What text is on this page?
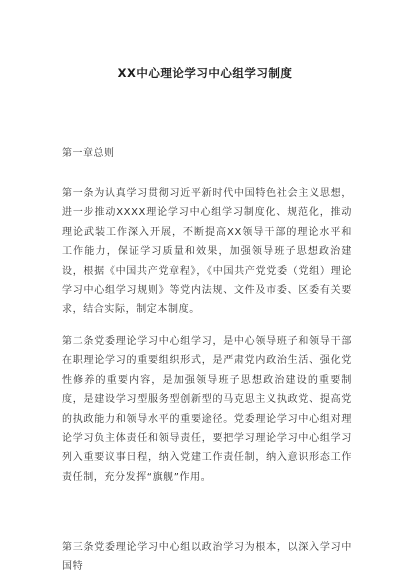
XX中心理论学习中心组学习制度
第一章总则

第一条为认真学习贯彻习近平新时代中国特色社会主义思想，进一步推动XXXX理论学习中心组学习制度化、规范化，推动理论武装工作深入开展，不断提高XX领导干部的理论水平和工作能力，保证学习质量和效果，加强领导班子思想政治建设，根据《中国共产党章程》，《中国共产党党委（党组）理论学习中心组学习规则》等党内法规、文件及市委、区委有关要求，结合实际，制定本制度。

第二条党委理论学习中心组学习，是中心领导班子和领导干部在职理论学习的重要组织形式，是严肃党内政治生活、强化党性修养的重要内容，是加强领导班子思想政治建设的重要制度，是建设学习型服务型创新型的马克思主义执政党、提高党的执政能力和领导水平的重要途径。党委理论学习中心组对理论学习负主体责任和领导责任，要把学习理论学习中心组学习列入重要议事日程，纳入党建工作责任制，纳入意识形态工作责任制，充分发挥“旗舰”作用。

第三条党委理论学习中心组以政治学习为根本，以深入学习中国特
